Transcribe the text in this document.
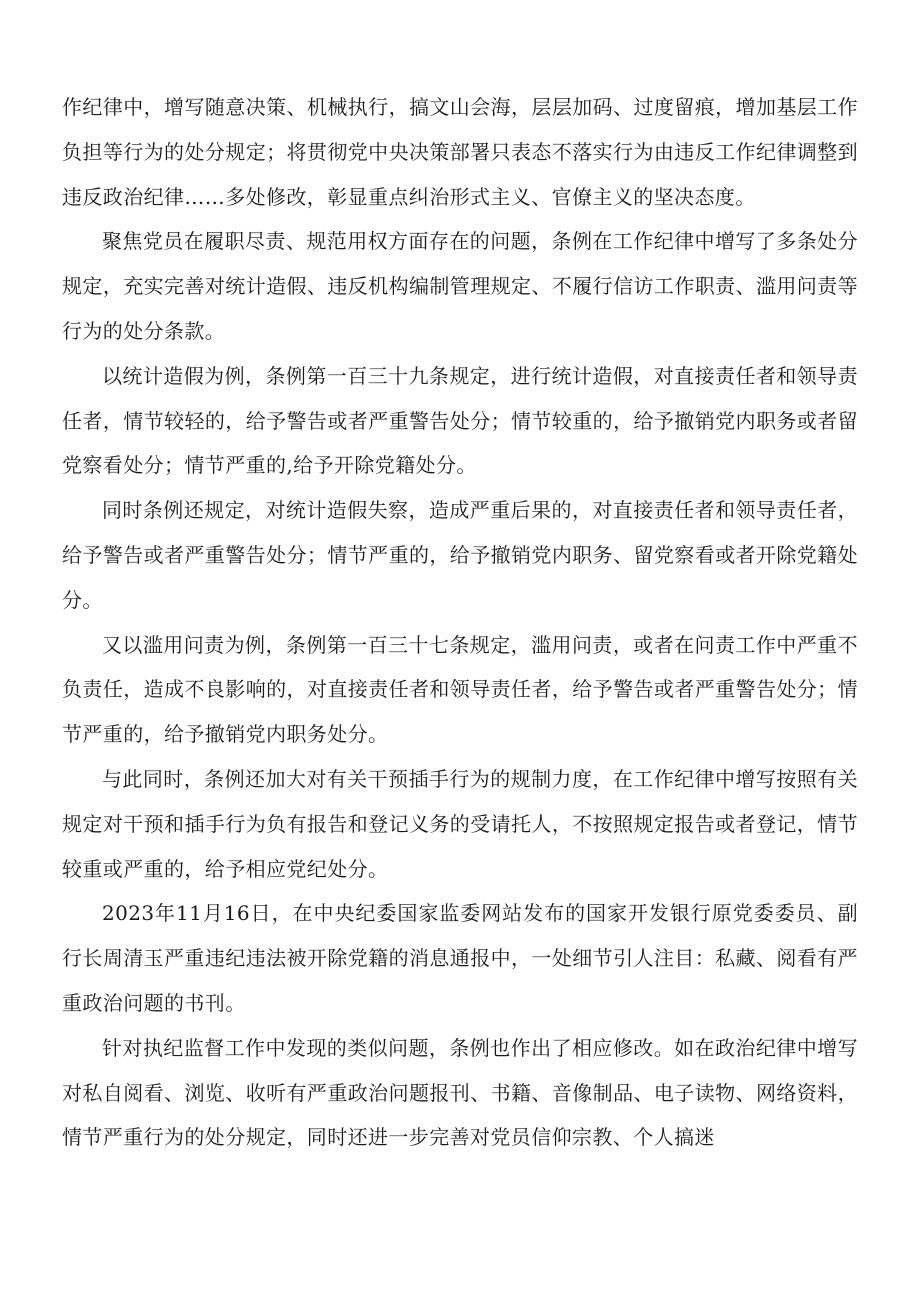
作纪律中，增写随意决策、机械执行，搞文山会海，层层加码、过度留痕，增加基层工作负担等行为的处分规定；将贯彻党中央决策部署只表态不落实行为由违反工作纪律调整到违反政治纪律……多处修改，彰显重点纠治形式主义、官僚主义的坚决态度。

聚焦党员在履职尽责、规范用权方面存在的问题，条例在工作纪律中增写了多条处分规定，充实完善对统计造假、违反机构编制管理规定、不履行信访工作职责、滥用问责等行为的处分条款。

以统计造假为例，条例第一百三十九条规定，进行统计造假，对直接责任者和领导责任者，情节较轻的，给予警告或者严重警告处分；情节较重的，给予撤销党内职务或者留党察看处分；情节严重的,给予开除党籍处分。

同时条例还规定，对统计造假失察，造成严重后果的，对直接责任者和领导责任者，给予警告或者严重警告处分；情节严重的，给予撤销党内职务、留党察看或者开除党籍处分。

又以滥用问责为例，条例第一百三十七条规定，滥用问责，或者在问责工作中严重不负责任，造成不良影响的，对直接责任者和领导责任者，给予警告或者严重警告处分；情节严重的，给予撤销党内职务处分。

与此同时，条例还加大对有关干预插手行为的规制力度，在工作纪律中增写按照有关规定对干预和插手行为负有报告和登记义务的受请托人，不按照规定报告或者登记，情节较重或严重的，给予相应党纪处分。

2023年11月16日，在中央纪委国家监委网站发布的国家开发银行原党委委员、副行长周清玉严重违纪违法被开除党籍的消息通报中，一处细节引人注目：私藏、阅看有严重政治问题的书刊。

针对执纪监督工作中发现的类似问题，条例也作出了相应修改。如在政治纪律中增写对私自阅看、浏览、收听有严重政治问题报刊、书籍、音像制品、电子读物、网络资料，情节严重行为的处分规定，同时还进一步完善对党员信仰宗教、个人搞迷
